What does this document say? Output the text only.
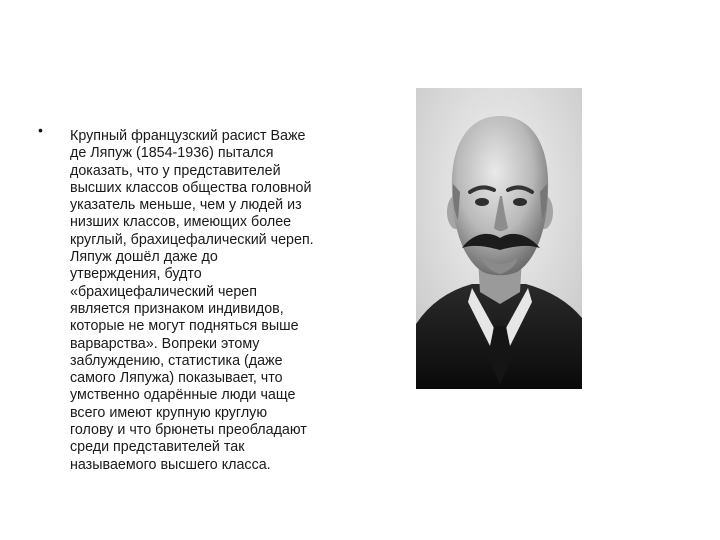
• Крупный французский расист Важе
де Ляпуж (1854-1936) пытался
доказать, что у представителей
высших классов общества головной
указатель меньше, чем у людей из
низших классов, имеющих более
круглый, брахицефалический череп.
Ляпуж дошёл даже до
утверждения, будто
«брахицефалический череп
является признаком индивидов,
которые не могут подняться выше
варварства». Вопреки этому
заблуждению, статистика (даже
самого Ляпужа) показывает, что
умственно одарённые люди чаще
всего имеют крупную круглую
голову и что брюнеты преобладают
среди представителей так
называемого высшего класса.
